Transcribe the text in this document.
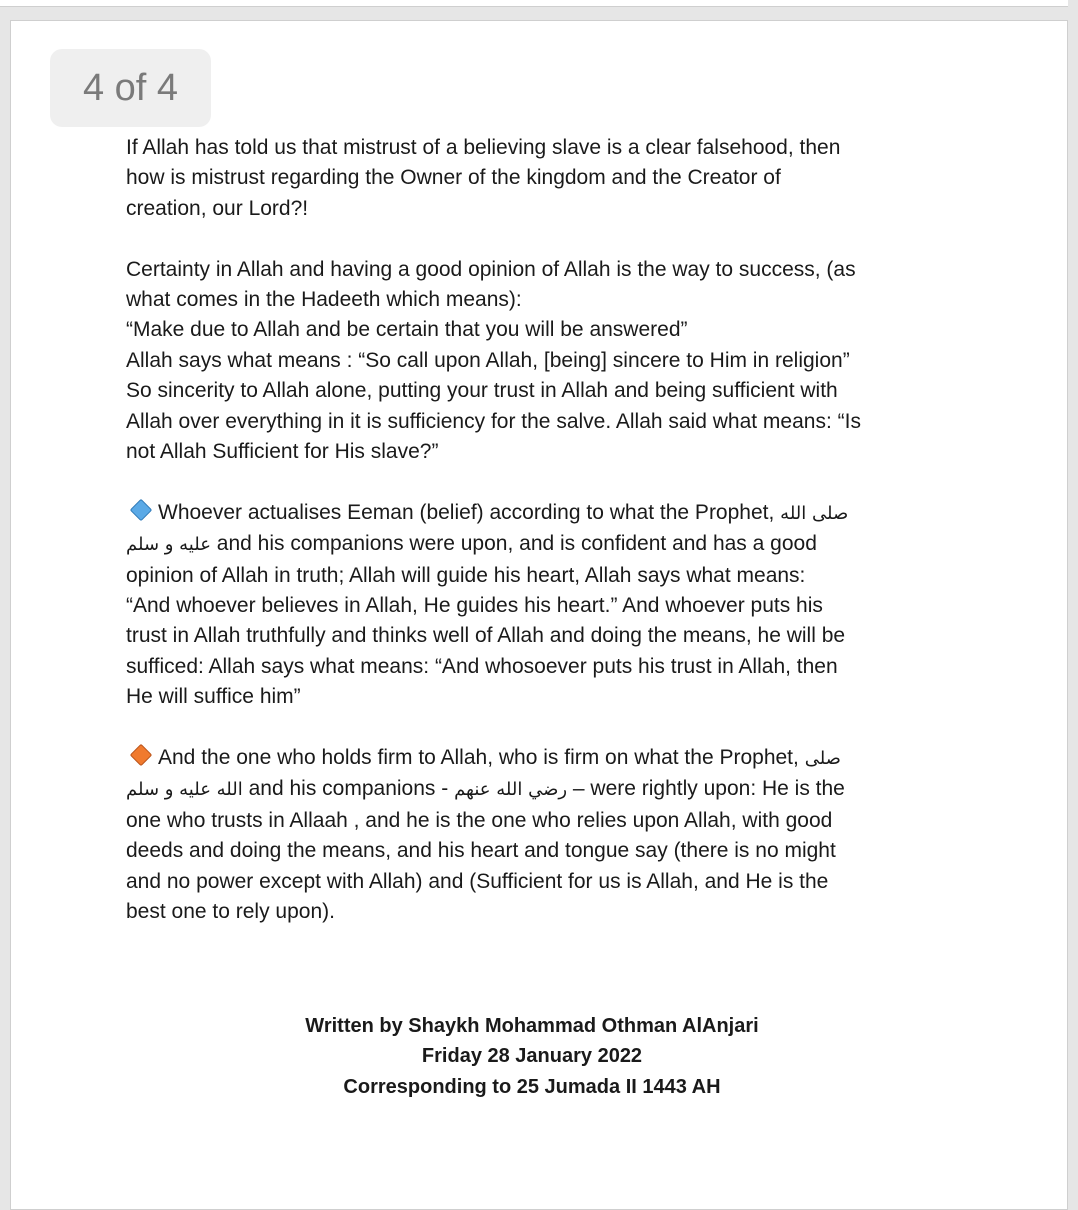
4 of 4
If Allah has told us that mistrust of a believing slave is a clear falsehood, then
how is mistrust regarding the Owner of the kingdom and the Creator of
creation, our Lord?!
Certainty in Allah and having a good opinion of Allah is the way to success, (as
what comes in the Hadeeth which means):
“Make due to Allah and be certain that you will be answered”
Allah says what means : “So call upon Allah, [being] sincere to Him in religion”
So sincerity to Allah alone, putting your trust in Allah and being sufficient with
Allah over everything in it is sufficiency for the salve. Allah said what means: “Is
not Allah Sufficient for His slave?”
Whoever actualises Eeman (belief) according to what the Prophet, صلى الله
عليه و سلم and his companions were upon, and is confident and has a good
opinion of Allah in truth; Allah will guide his heart, Allah says what means:
“And whoever believes in Allah, He guides his heart.” And whoever puts his
trust in Allah truthfully and thinks well of Allah and doing the means, he will be
sufficed: Allah says what means: “And whosoever puts his trust in Allah, then
He will suffice him”
And the one who holds firm to Allah, who is firm on what the Prophet, صلى
الله عليه و سلم and his companions - رضي الله عنهم – were rightly upon: He is the
one who trusts in Allaah , and he is the one who relies upon Allah, with good
deeds and doing the means, and his heart and tongue say (there is no might
and no power except with Allah) and (Sufficient for us is Allah, and He is the
best one to rely upon).
Written by Shaykh Mohammad Othman AlAnjari
Friday 28 January 2022
Corresponding to 25 Jumada II 1443 AH
